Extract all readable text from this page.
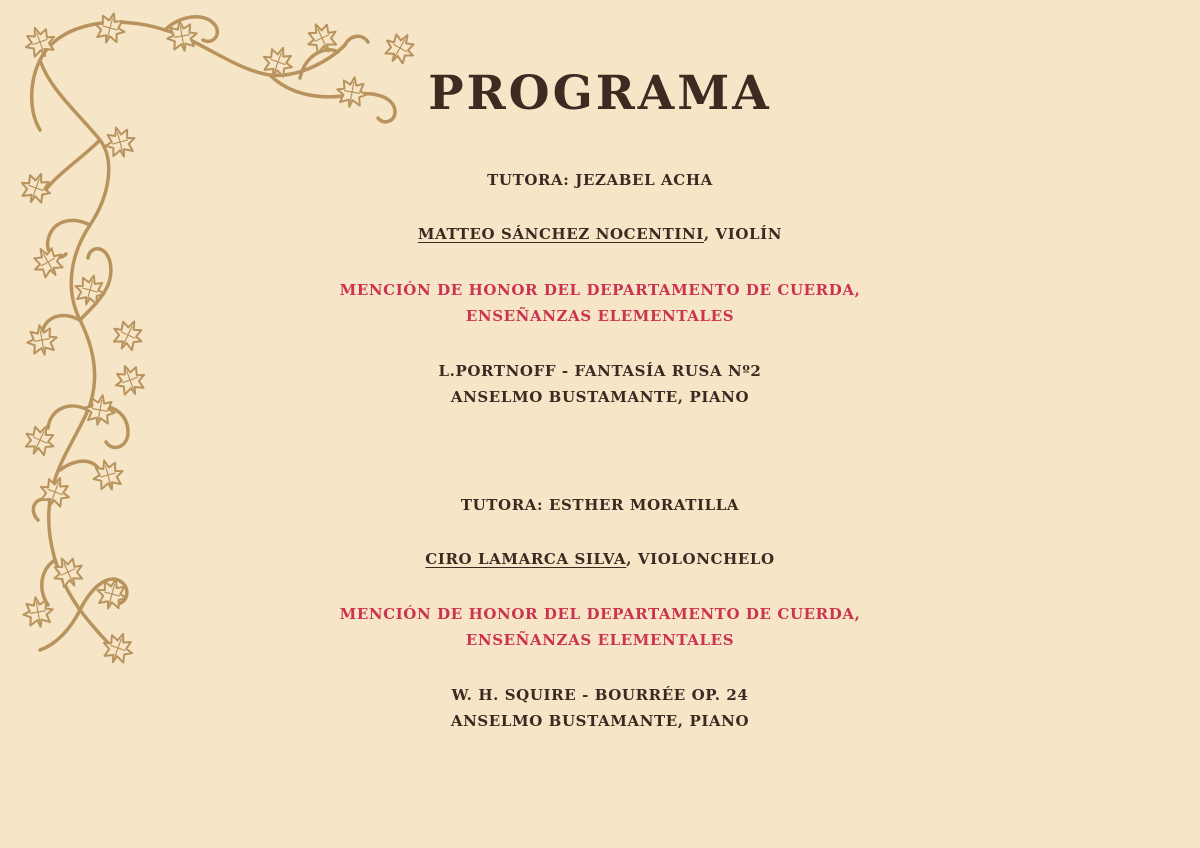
PROGRAMA
TUTORA: JEZABEL ACHA
MATTEO SÁNCHEZ NOCENTINI, VIOLÍN
MENCIÓN DE HONOR DEL DEPARTAMENTO DE CUERDA,
ENSEÑANZAS ELEMENTALES
L.PORTNOFF - FANTASÍA RUSA Nº2
ANSELMO BUSTAMANTE, PIANO
TUTORA: ESTHER MORATILLA
CIRO LAMARCA SILVA, VIOLONCHELO
MENCIÓN DE HONOR DEL DEPARTAMENTO DE CUERDA,
ENSEÑANZAS ELEMENTALES
W. H. SQUIRE - BOURRÉE OP. 24
ANSELMO BUSTAMANTE, PIANO
